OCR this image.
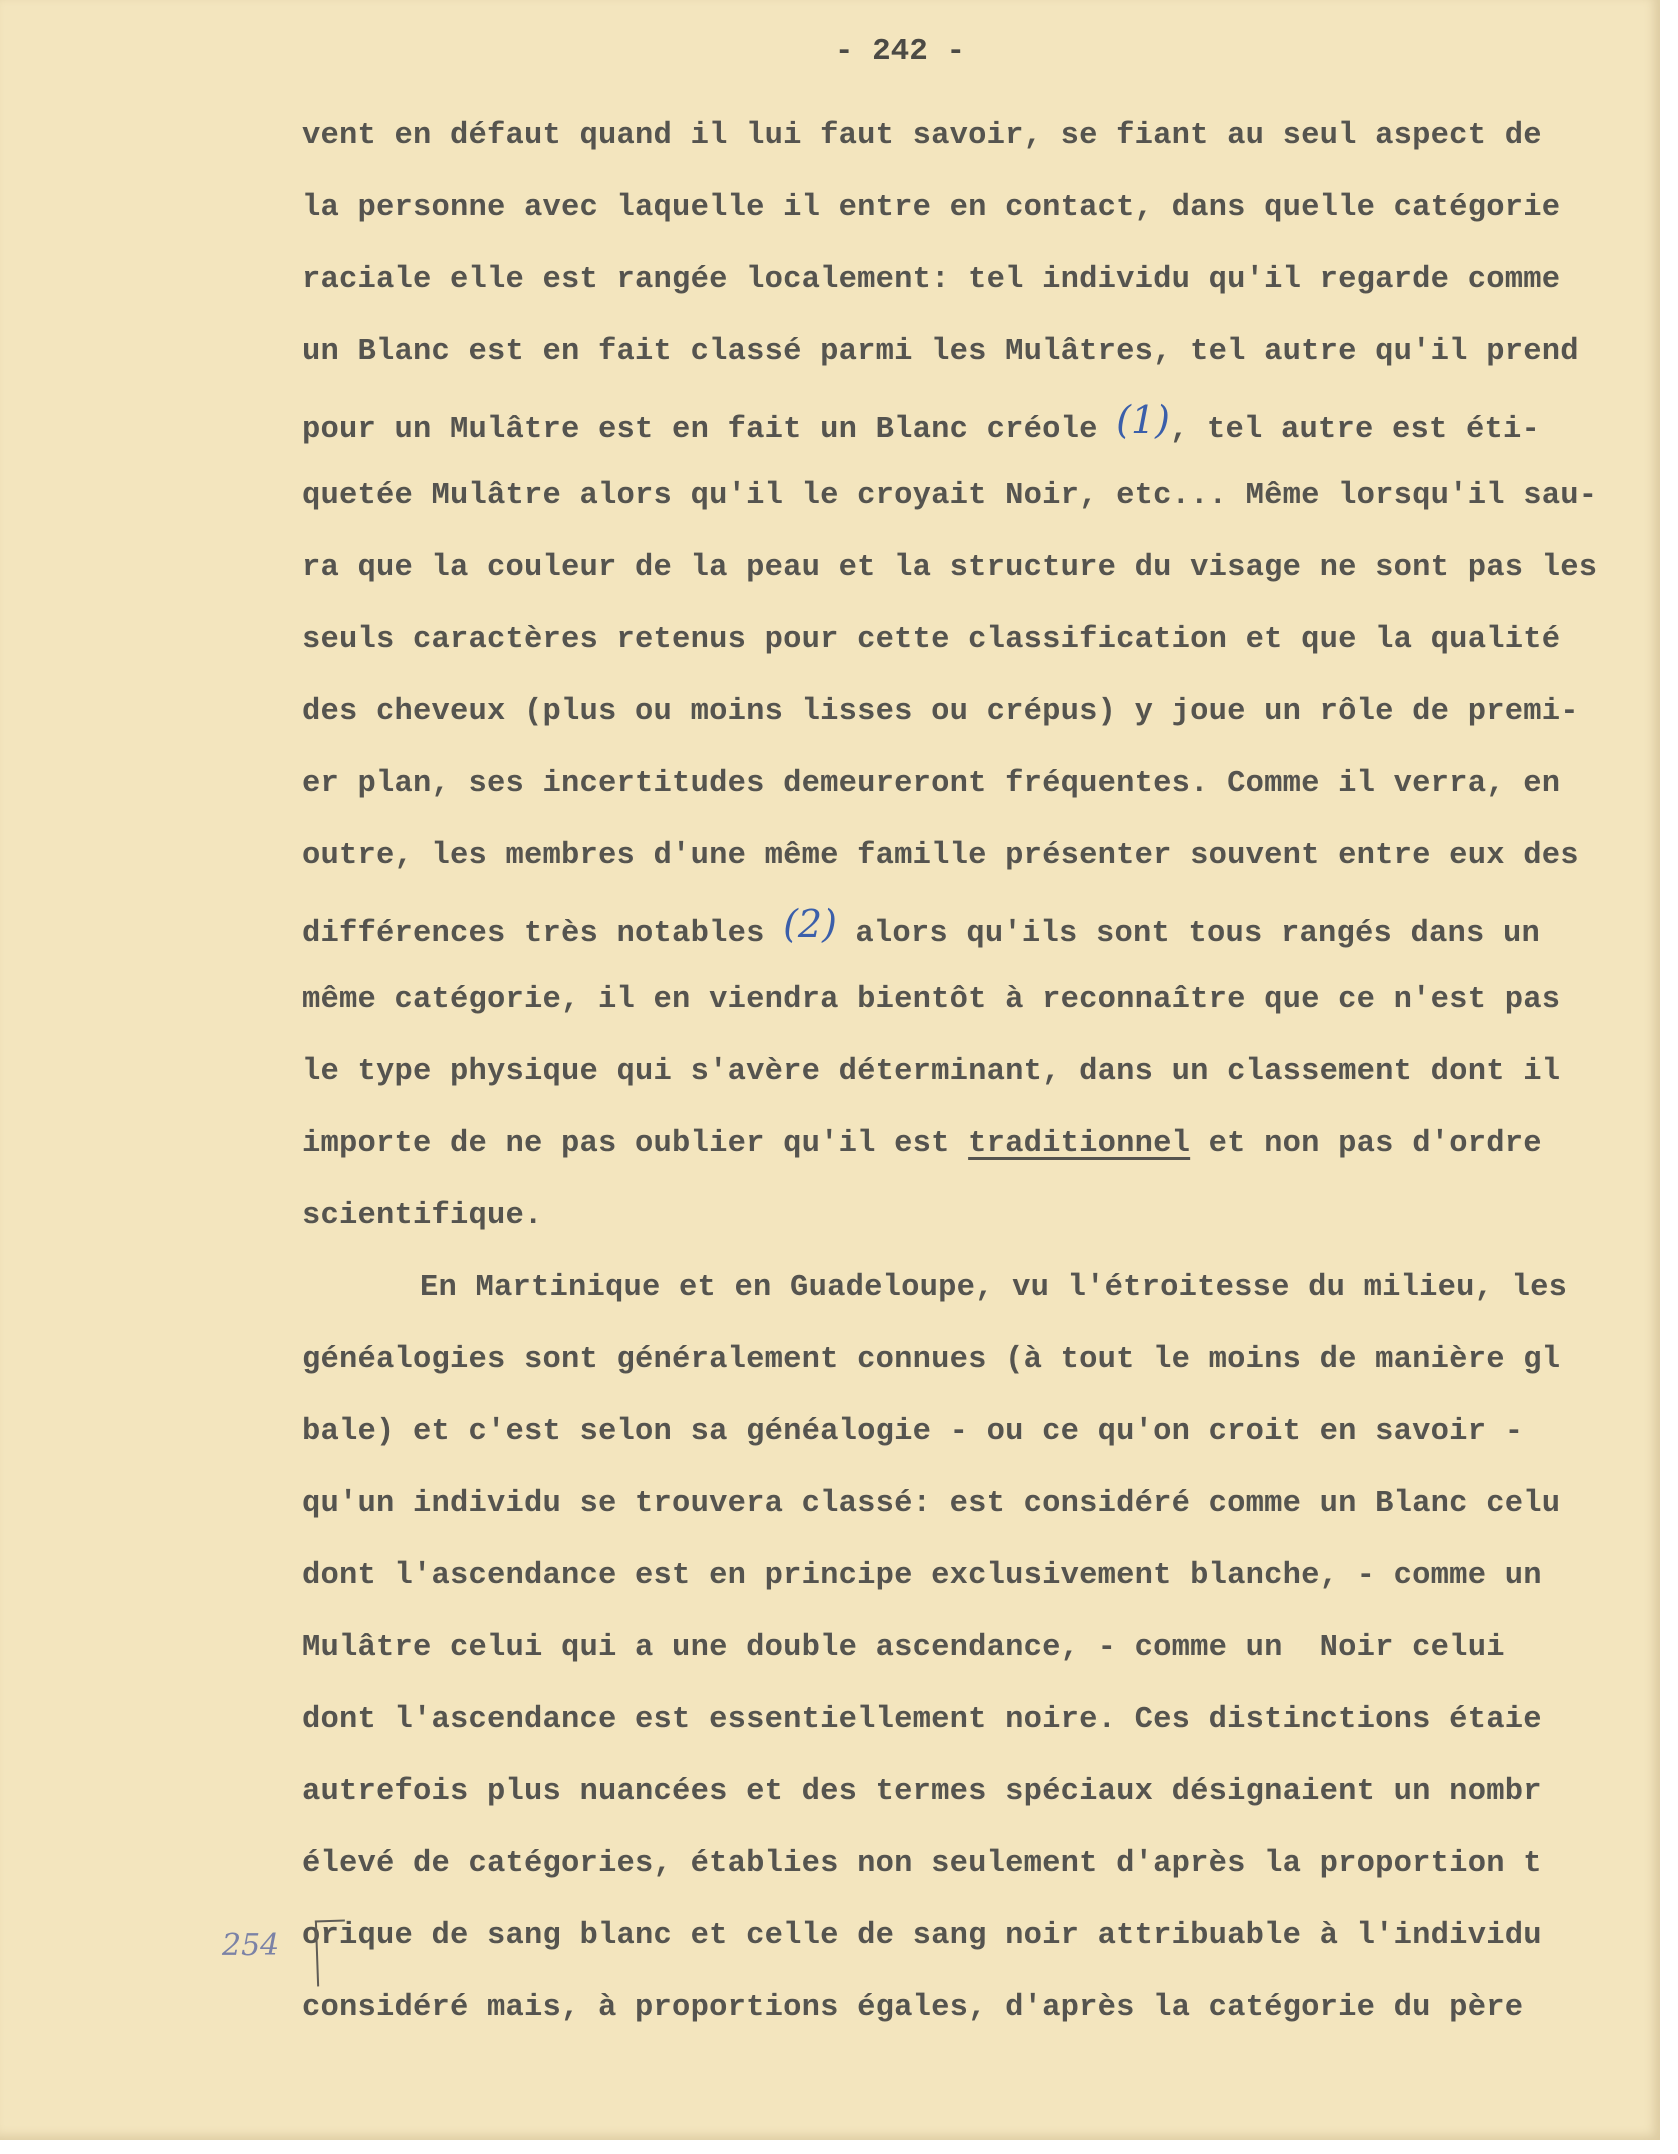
- 242 -
vent en défaut quand il lui faut savoir, se fiant au seul aspect de
la personne avec laquelle il entre en contact, dans quelle catégorie
raciale elle est rangée localement: tel individu qu'il regarde comme
un Blanc est en fait classé parmi les Mulâtres, tel autre qu'il prend
pour un Mulâtre est en fait un Blanc créole (1), tel autre est éti-
quetée Mulâtre alors qu'il le croyait Noir, etc... Même lorsqu'il sau-
ra que la couleur de la peau et la structure du visage ne sont pas les
seuls caractères retenus pour cette classification et que la qualité
des cheveux (plus ou moins lisses ou crépus) y joue un rôle de premi-
er plan, ses incertitudes demeureront fréquentes. Comme il verra, en
outre, les membres d'une même famille présenter souvent entre eux des
différences très notables (2) alors qu'ils sont tous rangés dans un
même catégorie, il en viendra bientôt à reconnaître que ce n'est pas
le type physique qui s'avère déterminant, dans un classement dont il
importe de ne pas oublier qu'il est traditionnel et non pas d'ordre
scientifique.
En Martinique et en Guadeloupe, vu l'étroitesse du milieu, les
généalogies sont généralement connues (à tout le moins de manière gl
bale) et c'est selon sa généalogie - ou ce qu'on croit en savoir -
qu'un individu se trouvera classé: est considéré comme un Blanc celu
dont l'ascendance est en principe exclusivement blanche, - comme un
Mulâtre celui qui a une double ascendance, - comme un  Noir celui
dont l'ascendance est essentiellement noire. Ces distinctions étaie
autrefois plus nuancées et des termes spéciaux désignaient un nombr
élevé de catégories, établies non seulement d'après la proportion t
orique de sang blanc et celle de sang noir attribuable à l'individu
considéré mais, à proportions égales, d'après la catégorie du père
254
